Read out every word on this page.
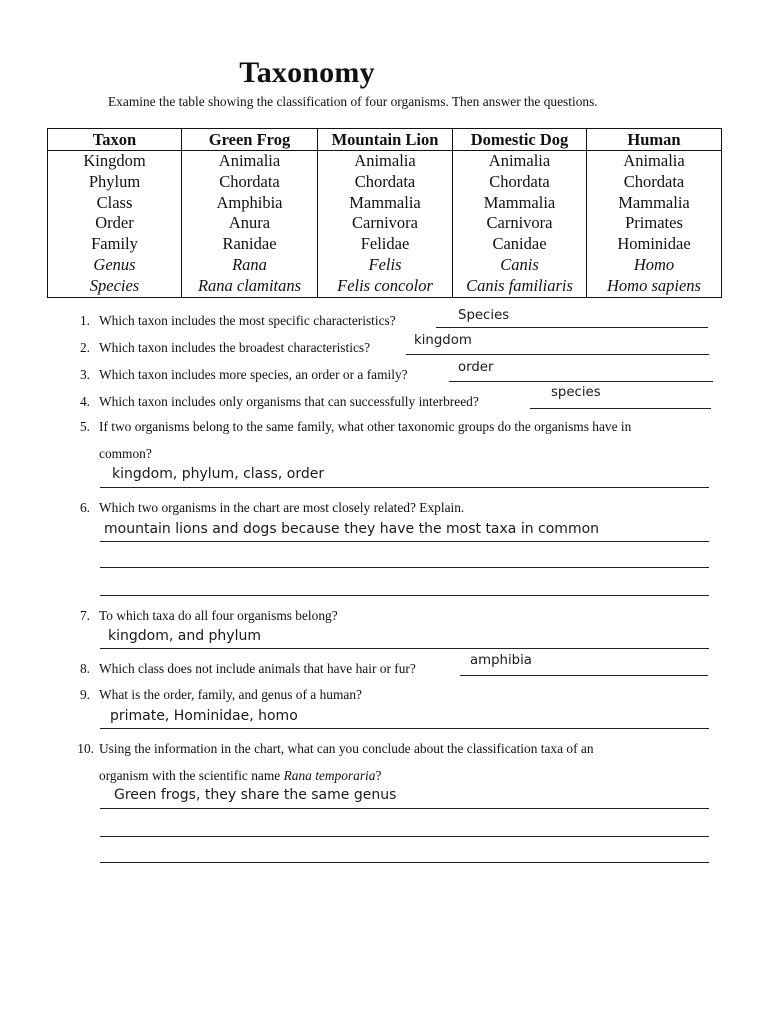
Taxonomy
Examine the table showing the classification of four organisms. Then answer the questions.
Taxon	Green Frog	Mountain Lion	Domestic Dog	Human
Kingdom	Animalia	Animalia	Animalia	Animalia
Phylum	Chordata	Chordata	Chordata	Chordata
Class	Amphibia	Mammalia	Mammalia	Mammalia
Order	Anura	Carnivora	Carnivora	Primates
Family	Ranidae	Felidae	Canidae	Hominidae
Genus	Rana	Felis	Canis	Homo
Species	Rana clamitans	Felis concolor	Canis familiaris	Homo sapiens
1. Which taxon includes the most specific characteristics?	Species
2. Which taxon includes the broadest characteristics?	kingdom
3. Which taxon includes more species, an order or a family?	order
4. Which taxon includes only organisms that can successfully interbreed?
species
5. If two organisms belong to the same family, what other taxonomic groups do the organisms have in
common?
kingdom, phylum, class, order
6. Which two organisms in the chart are most closely related? Explain.
mountain lions and dogs because they have the most taxa in common
7. To which taxa do all four organisms belong?
kingdom, and phylum
8. Which class does not include animals that have hair or fur?
amphibia
9. What is the order, family, and genus of a human?
primate, Hominidae, homo
10. Using the information in the chart, what can you conclude about the classification taxa of an
organism with the scientific name Rana temporaria?
Green frogs, they share the same genus
